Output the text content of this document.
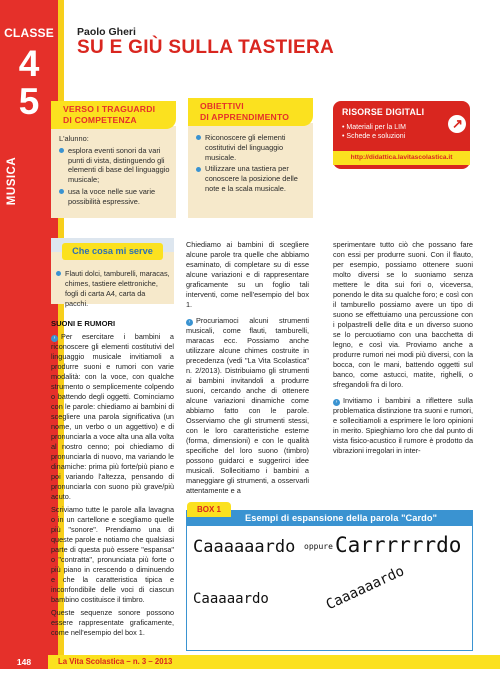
CLASSE
4
5
MUSICA
Paolo Gheri
SU E GIÙ SULLA TASTIERA
L'alunno:
esplora eventi sonori da vari punti di vista, distinguendo gli elementi di base del linguaggio musicale;
usa la voce nelle sue varie possibilità espressive.
VERSO I TRAGUARDI
DI COMPETENZA
Riconoscere gli elementi costitutivi del linguaggio musicale.
Utilizzare una tastiera per conoscere la posizione delle note e la scala musicale.
OBIETTIVI
DI APPRENDIMENTO	RISORSE DIGITALI
• Materiali per la LIM
• Schede e soluzioni
↗
http://didattica.lavitascolastica.it
Che cosa mi serve
Flauti dolci, tamburelli, maracas, chimes, tastiere elettroniche, fogli di carta A4, carta da pacchi.

SUONI E RUMORI

› Per esercitare i bambini a riconoscere gli elementi costitutivi del linguaggio musicale invitiamoli a produrre suoni e rumori con varie modalità: con la voce, con qualche strumento o semplicemente colpendo o battendo degli oggetti. Cominciamo con le parole: chiediamo ai bambini di scegliere una parola significativa (un nome, un verbo o un aggettivo) e di pronunciarla a voce alta una alla volta al nostro cenno; poi chiediamo di pronunciarla di nuovo, ma variando le dinamiche: prima più forte/più piano e poi variando l'altezza, pensando di pronunciarla con suono più grave/più acuto.

Scriviamo tutte le parole alla lavagna o in un cartellone e scegliamo quelle più "sonore". Prendiamo una di queste parole e notiamo che qualsiasi parte di questa può essere "espansa" o "contratta", pronunciata più forte o più piano in crescendo o diminuendo e che la caratteristica tipica e inconfondibile delle voci di ciascun bambino costituisce il timbro.

Queste sequenze sonore possono essere rappresentate graficamente, come nell'esempio del box 1.

Chiediamo ai bambini di scegliere alcune parole tra quelle che abbiamo esaminato, di completare su di esse alcune variazioni e di rappresentare graficamente su un foglio tali interventi, come nell'esempio del box 1.

› Procuriamoci alcuni strumenti musicali, come flauti, tamburelli, maracas ecc. Possiamo anche utilizzare alcune chimes costruite in precedenza (vedi "La Vita Scolastica" n. 2/2013). Distribuiamo gli strumenti ai bambini invitandoli a produrre suoni, cercando anche di ottenere alcune variazioni dinamiche come abbiamo fatto con le parole. Osserviamo che gli strumenti stessi, con le loro caratteristiche esterne (forma, dimensioni) e con le qualità specifiche del loro suono (timbro) possono guidarci e suggerirci idee musicali. Sollecitiamo i bambini a maneggiare gli strumenti, a osservarli attentamente e a

sperimentare tutto ciò che possano fare con essi per produrre suoni. Con il flauto, per esempio, possiamo ottenere suoni molto diversi se lo suoniamo senza mettere le dita sui fori o, viceversa, ponendo le dita su qualche foro; e così con il tamburello possiamo avere un tipo di suono se effettuiamo una percussione con i polpastrelli delle dita e un diverso suono se lo percuotiamo con una bacchetta di legno, e così via. Proviamo anche a produrre rumori nei modi più diversi, con la bocca, con le mani, battendo oggetti sul banco, come astucci, matite, righelli, o sfregandoli fra di loro.

› Invitiamo i bambini a riflettere sulla problematica distinzione tra suoni e rumori, e sollecitiamoli a esprimere le loro opinioni in merito. Spieghiamo loro che dal punto di vista fisico-acustico il rumore è prodotto da vibrazioni irregolari in inter-

Esempi di espansione della parola "Cardo"
BOX 1
Caaaaaardo oppure Carrrrrrdo
Caaaaardo	Caaaaaardo
148	La Vita Scolastica – n. 3 – 2013
